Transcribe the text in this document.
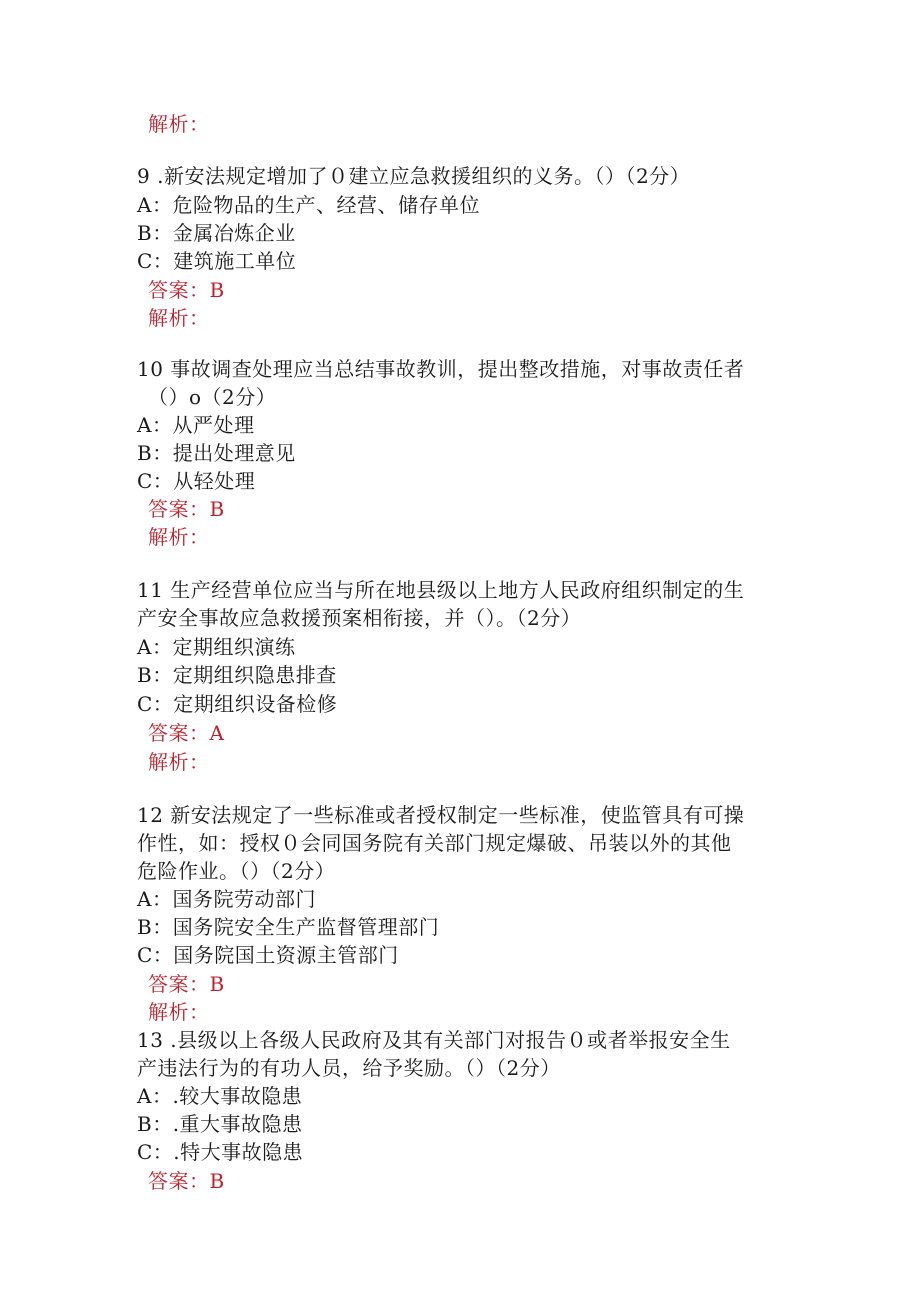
解析：
9 .新安法规定增加了０建立应急救援组织的义务。（）（2分）
A：危险物品的生产、经营、储存单位
B：金属冶炼企业
C：建筑施工单位
答案：B
解析：
10 事故调查处理应当总结事故教训，提出整改措施，对事故责任者
（）o（2分）
A：从严处理
B：提出处理意见
C：从轻处理
答案：B
解析：
11 生产经营单位应当与所在地县级以上地方人民政府组织制定的生
产安全事故应急救援预案相衔接，并（）。（2分）
A：定期组织演练
B：定期组织隐患排查
C：定期组织设备检修
答案：A
解析：
12 新安法规定了一些标准或者授权制定一些标准，使监管具有可操
作性，如：授权０会同国务院有关部门规定爆破、吊装以外的其他
危险作业。（）（2分）
A：国务院劳动部门
B：国务院安全生产监督管理部门
C：国务院国土资源主管部门
答案：B
解析：
13 .县级以上各级人民政府及其有关部门对报告０或者举报安全生
产违法行为的有功人员，给予奖励。（）（2分）
A：.较大事故隐患
B：.重大事故隐患
C：.特大事故隐患
答案：B
